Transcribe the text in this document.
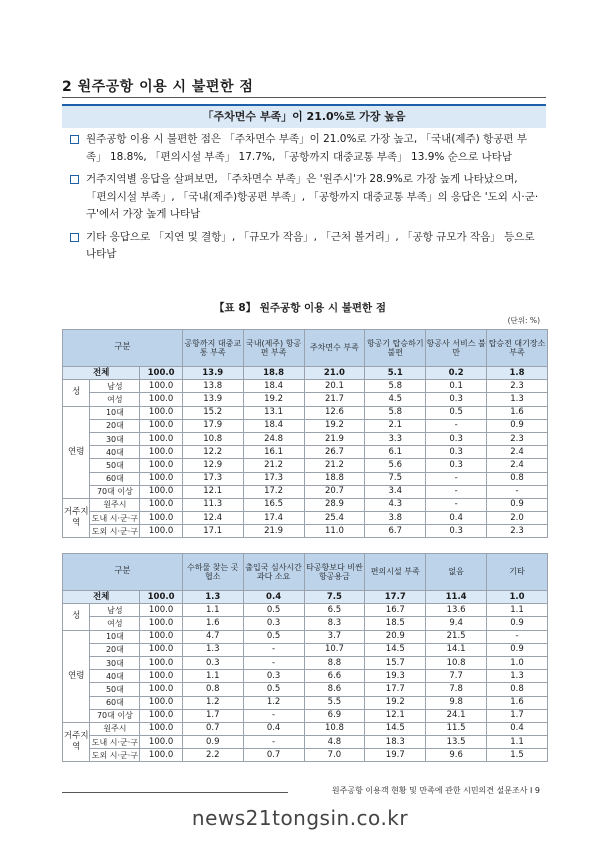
2 원주공항 이용 시 불편한 점
「주차면수 부족」이 21.0%로 가장 높음
원주공항 이용 시 불편한 점은 「주차면수 부족」이 21.0%로 가장 높고, 「국내(제주) 항공편 부족」 18.8%, 「편의시설 부족」 17.7%, 「공항까지 대중교통 부족」 13.9% 순으로 나타남
거주지역별 응답을 살펴보면, 「주차면수 부족」은 '원주시'가 28.9%로 가장 높게 나타났으며, 「편의시설 부족」, 「국내(제주)항공편 부족」, 「공항까지 대중교통 부족」의 응답은 '도외 시·군·구'에서 가장 높게 나타남
기타 응답으로 「지연 및 결항」, 「규모가 작음」, 「근처 볼거리」, 「공항 규모가 작음」 등으로 나타남
【표 8】 원주공항 이용 시 불편한 점
(단위: %)
구분			공항까지 대중교통 부족	국내(제주) 항공편 부족	주차면수 부족	항공기 탑승하기 불편	항공사 서비스 불만	탑승전 대기장소 부족
전체		100.0	13.9	18.8	21.0	5.1	0.2	1.8
성	남성	100.0	13.8	18.4	20.1	5.8	0.1	2.3
	여성	100.0	13.9	19.2	21.7	4.5	0.3	1.3
연령	10대	100.0	15.2	13.1	12.6	5.8	0.5	1.6
	20대	100.0	17.9	18.4	19.2	2.1	-	0.9
	30대	100.0	10.8	24.8	21.9	3.3	0.3	2.3
	40대	100.0	12.2	16.1	26.7	6.1	0.3	2.4
	50대	100.0	12.9	21.2	21.2	5.6	0.3	2.4
	60대	100.0	17.3	17.3	18.8	7.5	-	0.8
	70대 이상	100.0	12.1	17.2	20.7	3.4	-	-
거주지역	원주시	100.0	11.3	16.5	28.9	4.3	-	0.9
	도내 시·군·구	100.0	12.4	17.4	25.4	3.8	0.4	2.0
	도외 시·군·구	100.0	17.1	21.9	11.0	6.7	0.3	2.3
구분			수하물 찾는 곳 협소	출입국 심사시간 과다 소요	타공항보다 비싼 항공용금	편의시설 부족	없음	기타
전체		100.0	1.3	0.4	7.5	17.7	11.4	1.0
성	남성	100.0	1.1	0.5	6.5	16.7	13.6	1.1
	여성	100.0	1.6	0.3	8.3	18.5	9.4	0.9
연령	10대	100.0	4.7	0.5	3.7	20.9	21.5	-
	20대	100.0	1.3	-	10.7	14.5	14.1	0.9
	30대	100.0	0.3	-	8.8	15.7	10.8	1.0
	40대	100.0	1.1	0.3	6.6	19.3	7.7	1.3
	50대	100.0	0.8	0.5	8.6	17.7	7.8	0.8
	60대	100.0	1.2	1.2	5.5	19.2	9.8	1.6
	70대 이상	100.0	1.7	-	6.9	12.1	24.1	1.7
거주지역	원주시	100.0	0.7	0.4	10.8	14.5	11.5	0.4
	도내 시·군·구	100.0	0.9	-	4.8	18.3	13.5	1.1
	도외 시·군·구	100.0	2.2	0.7	7.0	19.7	9.6	1.5
원주공항 이용객 현황 및 만족에 관한 시민의견 설문조사 I 9
news21tongsin.co.kr
